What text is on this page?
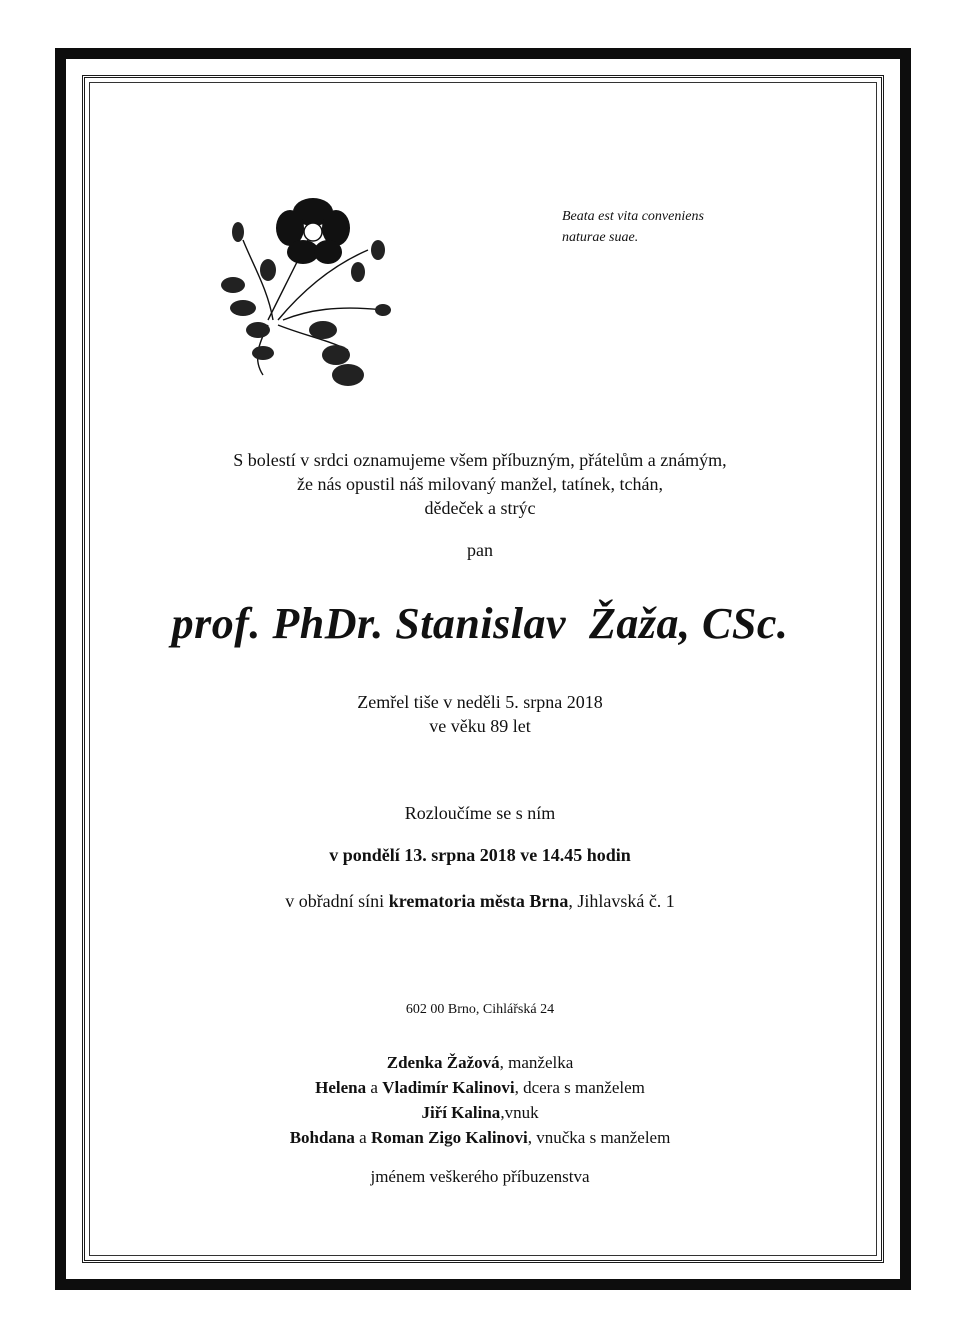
Beata est vita conveniens
naturae suae.
S bolestí v srdci oznamujeme všem příbuzným, přátelům a známým,
že nás opustil náš milovaný manžel, tatínek, tchán,
dědeček a strýc
pan
prof. PhDr. Stanislav  Žaža, CSc.
Zemřel tiše v neděli 5. srpna 2018
ve věku 89 let
Rozloučíme se s ním
v pondělí 13. srpna 2018 ve 14.45 hodin
v obřadní síni krematoria města Brna, Jihlavská č. 1
602 00 Brno, Cihlářská 24
Zdenka Žažová, manželka
Helena a Vladimír Kalinovi, dcera s manželem
Jiří Kalina,vnuk
Bohdana a Roman Zigo Kalinovi, vnučka s manželem
jménem veškerého příbuzenstva
